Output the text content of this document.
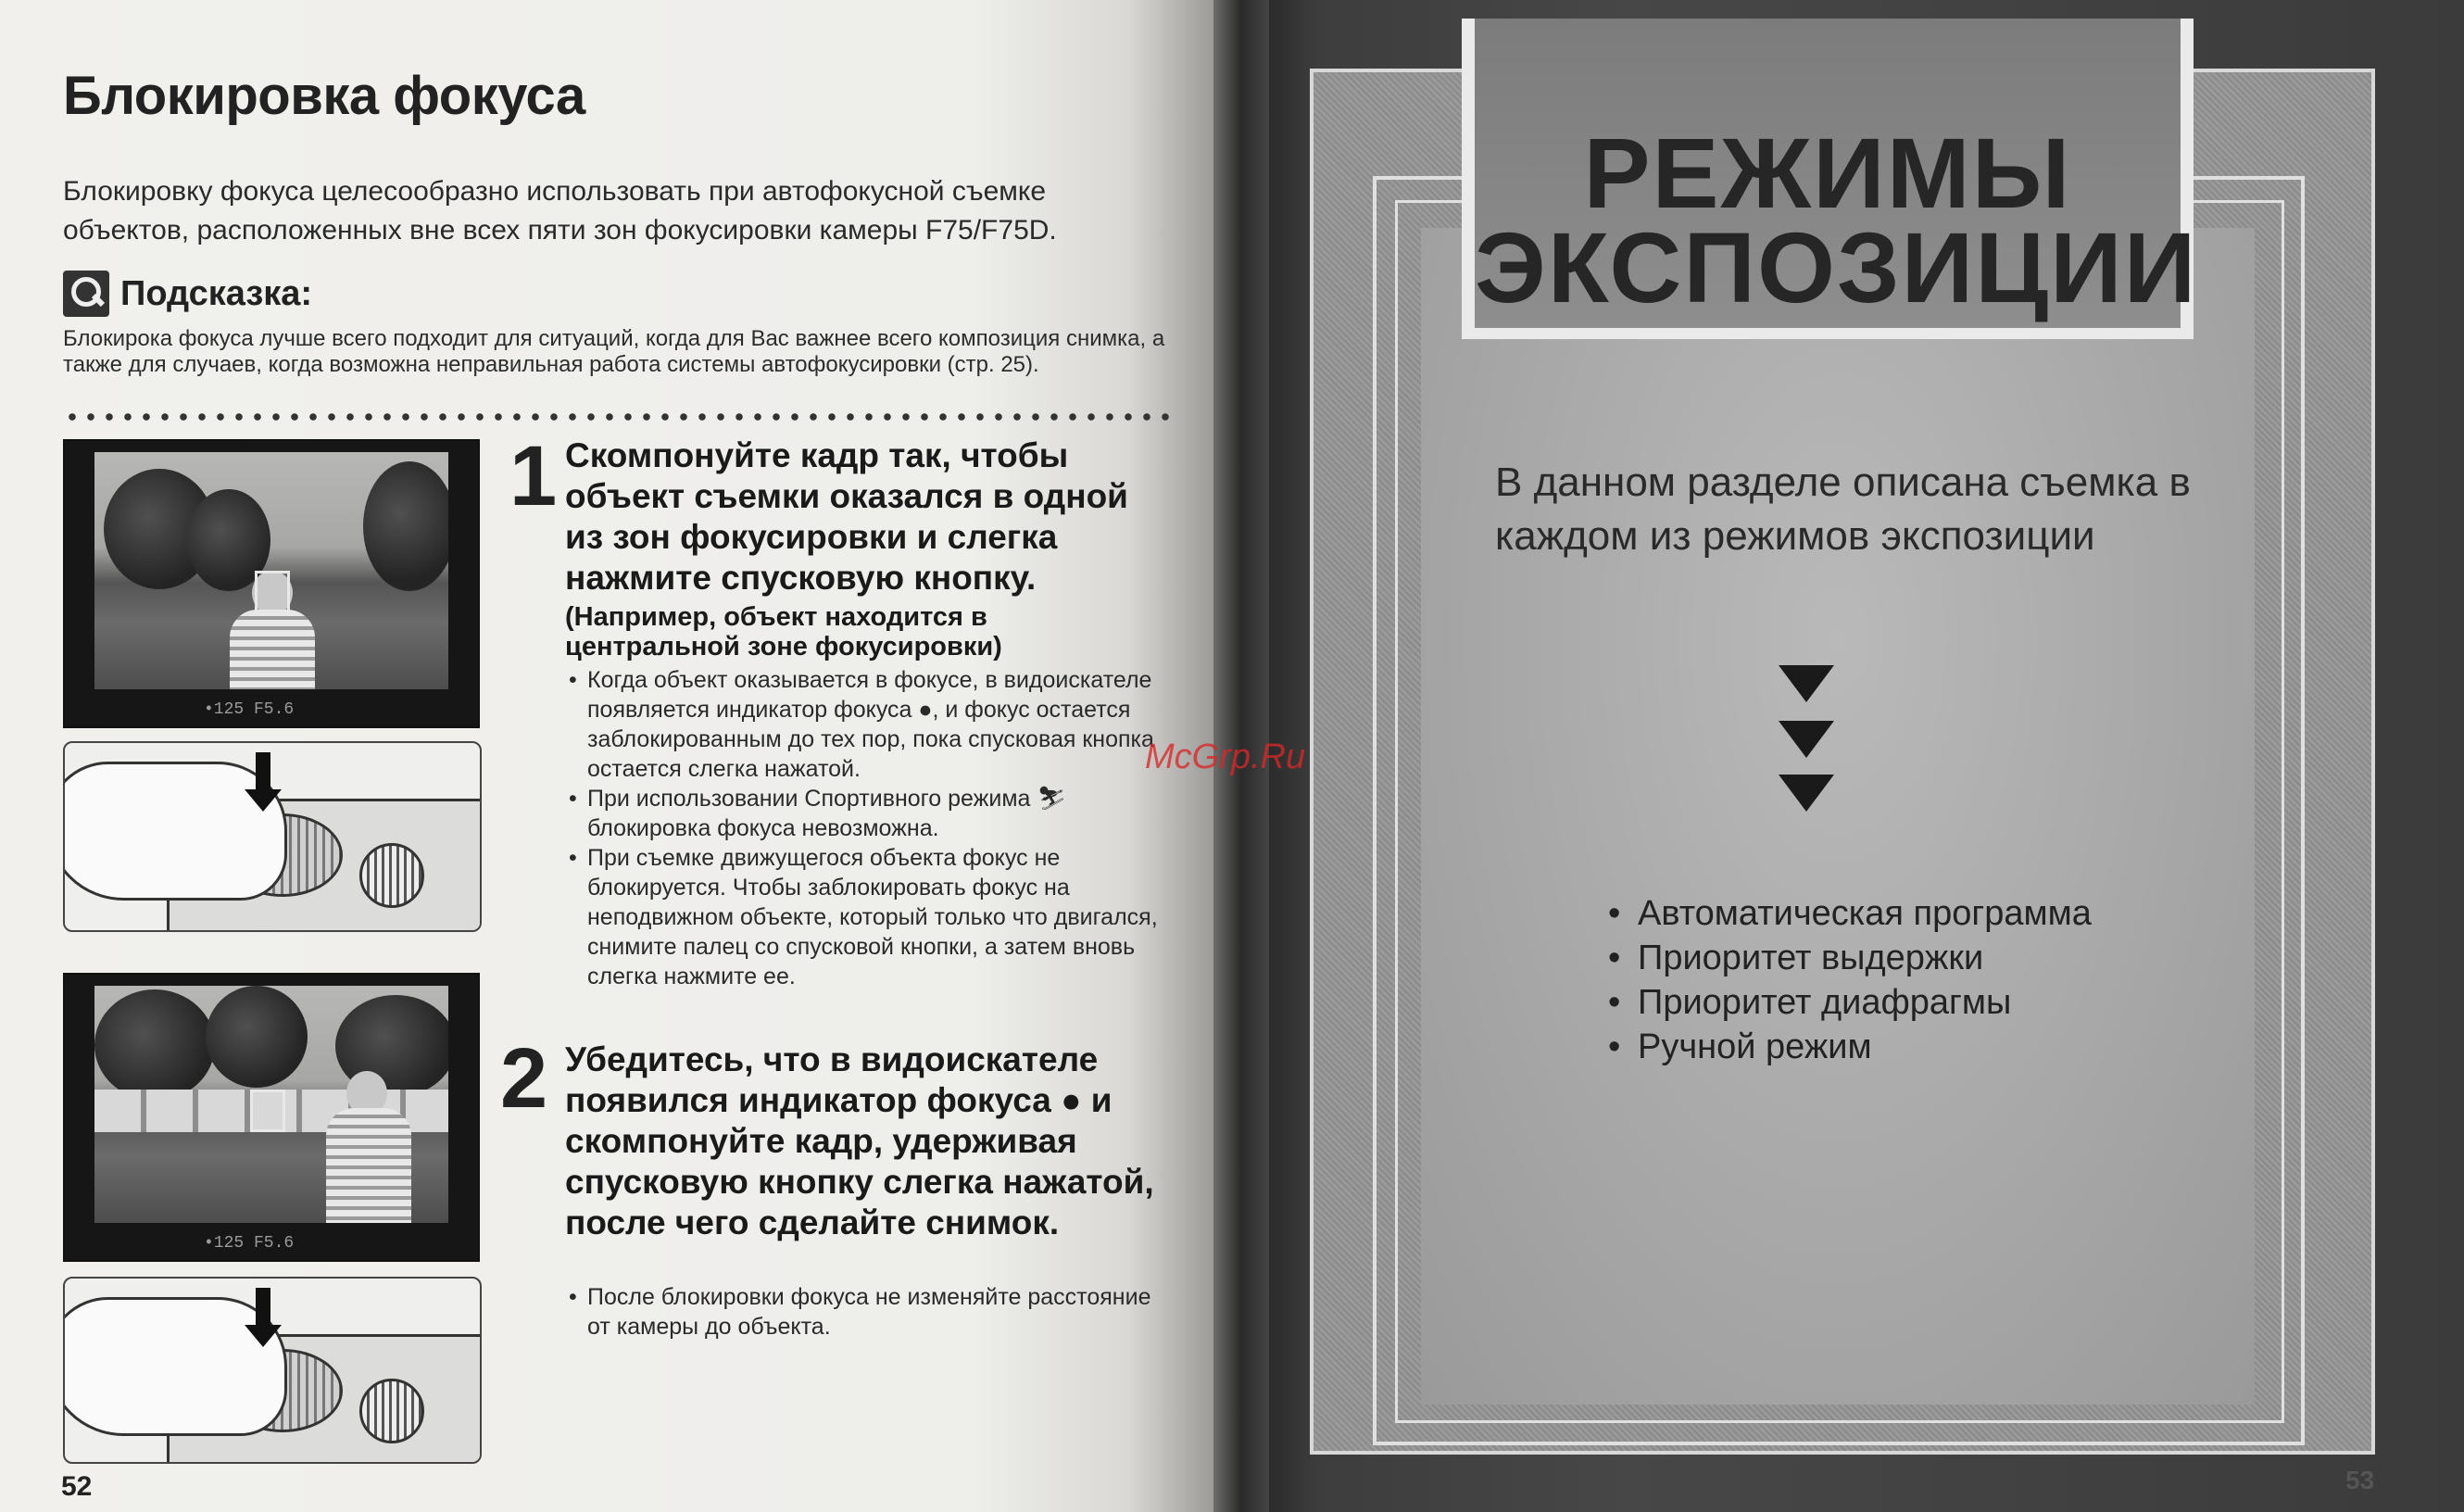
Блокировка фокуса

Блокировку фокуса целесообразно использовать при автофокусной съемке объектов, расположенных вне всех пяти зон фокусировки камеры F75/F75D.

Подсказка:

Блокирока фокуса лучше всего подходит для ситуаций, когда для Вас важнее всего композиция снимка, а также для случаев, когда возможна неправильная работа системы автофокусировки (стр. 25).

•125 F5.6
•125 F5.6
1 Скомпонуйте кадр так, чтобы объект съемки оказался в одной из зон фокусировки и слегка нажмите спусковую кнопку.

(Например, объект находится в центральной зоне фокусировки)

• Когда объект оказывается в фокусе, в видоискателе появляется индикатор фокуса ●, и фокус остается заблокированным до тех пор, пока спусковая кнопка остается слегка нажатой.
• При использовании Спортивного режима ⛷ блокировка фокуса невозможна.
• При съемке движущегося объекта фокус не блокируется. Чтобы заблокировать фокус на неподвижном объекте, который только что двигался, снимите палец со спусковой кнопки, а затем вновь слегка нажмите ее.
2 Убедитесь, что в видоискателе появился индикатор фокуса ● и скомпонуйте кадр, удерживая спусковую кнопку слегка нажатой, после чего сделайте снимок.

• После блокировки фокуса не изменяйте расстояние от камеры до объекта.
52

В данном разделе описана съемка в каждом из режимов экспозиции

• Автоматическая программа
• Приоритет выдержки
• Приоритет диафрагмы
• Ручной режим
РЕЖИМЫ
ЭКСПОЗИЦИИ
53
McGrp.Ru
